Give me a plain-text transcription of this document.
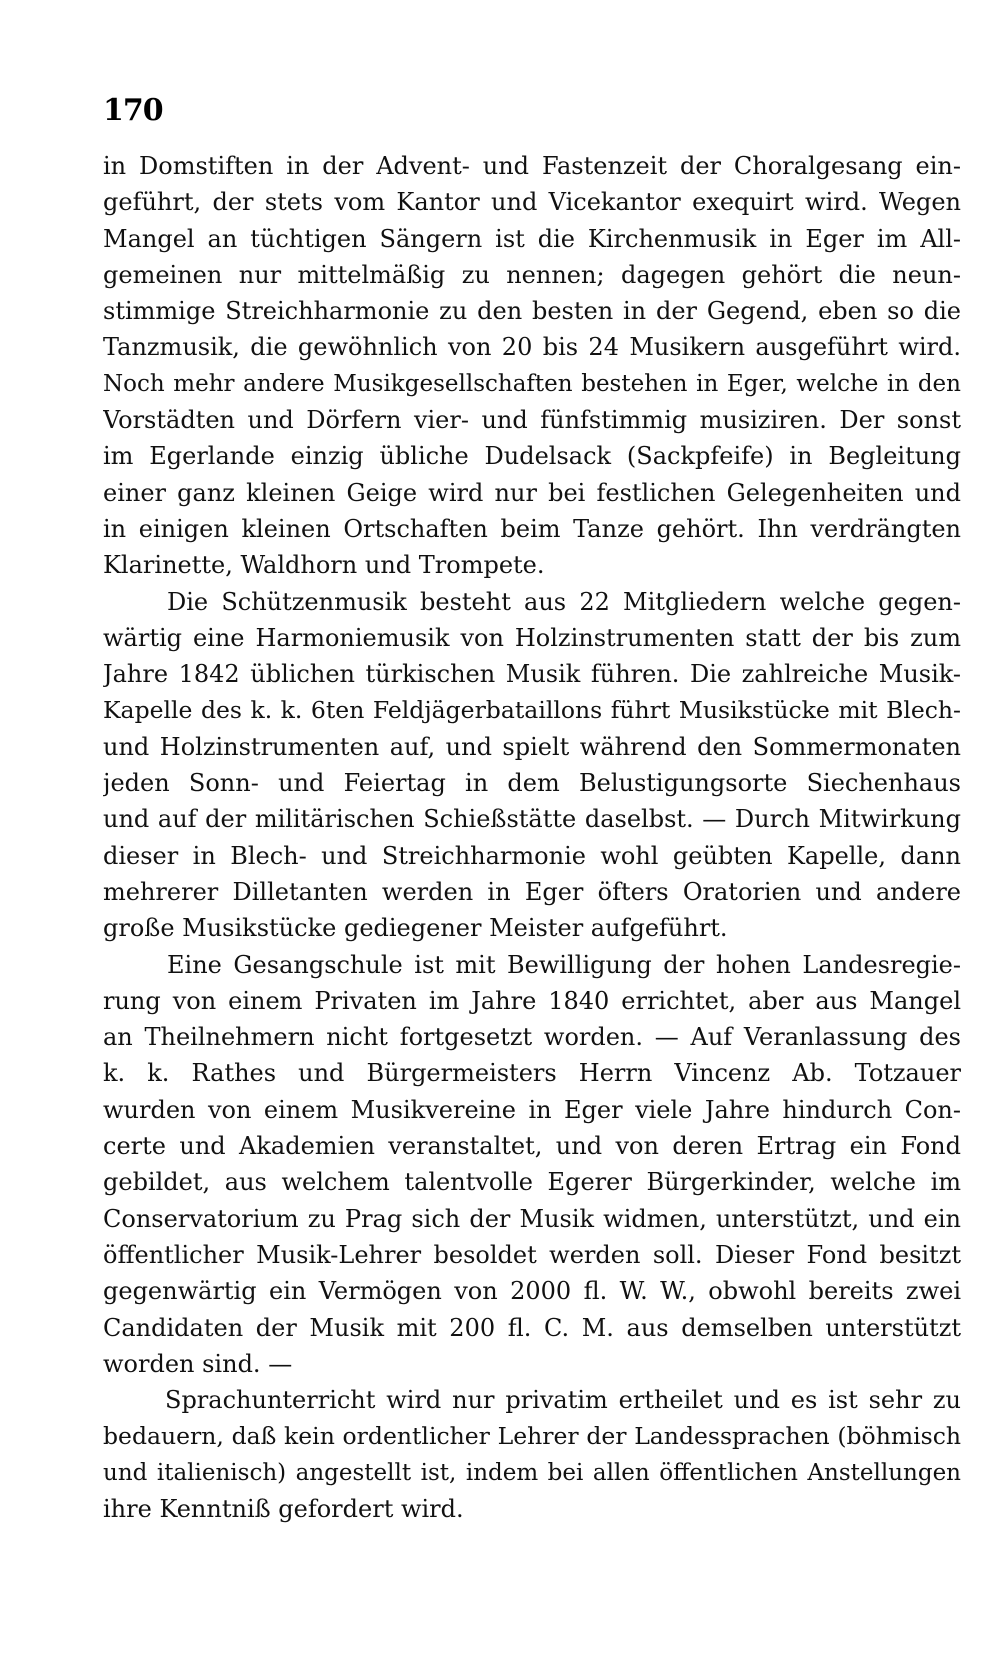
170
in Domstiften in der Advent- und Fastenzeit der Choralgesang ein-
geführt, der stets vom Kantor und Vicekantor exequirt wird. Wegen
Mangel an tüchtigen Sängern ist die Kirchenmusik in Eger im All-
gemeinen nur mittelmäßig zu nennen; dagegen gehört die neun-
stimmige Streichharmonie zu den besten in der Gegend, eben so die
Tanzmusik, die gewöhnlich von 20 bis 24 Musikern ausgeführt wird.
Noch mehr andere Musikgesellschaften bestehen in Eger, welche in den
Vorstädten und Dörfern vier- und fünfstimmig musiziren. Der sonst
im Egerlande einzig übliche Dudelsack (Sackpfeife) in Begleitung
einer ganz kleinen Geige wird nur bei festlichen Gelegenheiten und
in einigen kleinen Ortschaften beim Tanze gehört. Ihn verdrängten
Klarinette, Waldhorn und Trompete.
Die Schützenmusik besteht aus 22 Mitgliedern welche gegen-
wärtig eine Harmoniemusik von Holzinstrumenten statt der bis zum
Jahre 1842 üblichen türkischen Musik führen. Die zahlreiche Musik-
Kapelle des k. k. 6ten Feldjägerbataillons führt Musikstücke mit Blech-
und Holzinstrumenten auf, und spielt während den Sommermonaten
jeden Sonn- und Feiertag in dem Belustigungsorte Siechenhaus
und auf der militärischen Schießstätte daselbst. — Durch Mitwirkung
dieser in Blech- und Streichharmonie wohl geübten Kapelle, dann
mehrerer Dilletanten werden in Eger öfters Oratorien und andere
große Musikstücke gediegener Meister aufgeführt.
Eine Gesangschule ist mit Bewilligung der hohen Landesregie-
rung von einem Privaten im Jahre 1840 errichtet, aber aus Mangel
an Theilnehmern nicht fortgesetzt worden. — Auf Veranlassung des
k. k. Rathes und Bürgermeisters Herrn Vincenz Ab. Totzauer
wurden von einem Musikvereine in Eger viele Jahre hindurch Con-
certe und Akademien veranstaltet, und von deren Ertrag ein Fond
gebildet, aus welchem talentvolle Egerer Bürgerkinder, welche im
Conservatorium zu Prag sich der Musik widmen, unterstützt, und ein
öffentlicher Musik-Lehrer besoldet werden soll. Dieser Fond besitzt
gegenwärtig ein Vermögen von 2000 fl. W. W., obwohl bereits zwei
Candidaten der Musik mit 200 fl. C. M. aus demselben unterstützt
worden sind. —
Sprachunterricht wird nur privatim ertheilet und es ist sehr zu
bedauern, daß kein ordentlicher Lehrer der Landessprachen (böhmisch
und italienisch) angestellt ist, indem bei allen öffentlichen Anstellungen
ihre Kenntniß gefordert wird.
